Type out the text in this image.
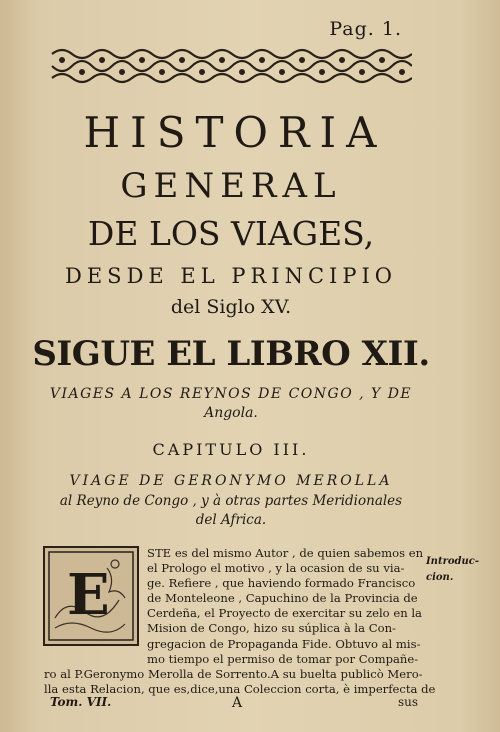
Pag. 1.
HISTORIA
GENERAL
DE LOS VIAGES,
DESDE EL PRINCIPIO
del Siglo XV.
SIGUE EL LIBRO XII.
VIAGES A LOS REYNOS DE CONGO , Y DE
Angola.
CAPITULO III.
VIAGE DE GERONYMO MEROLLA
al Reyno de Congo , y à otras partes Meridionales
del Africa.
E
STE es del mismo Autor , de quien sabemos en
el Prologo el motivo , y la ocasion de su via-
ge. Refiere , que haviendo formado Francisco
de Monteleone , Capuchino de la Provincia de
Cerdeña, el Proyecto de exercitar su zelo en la
Mision de Congo, hizo su súplica à la Con-
gregacion de Propaganda Fide. Obtuvo al mis-
mo tiempo el permiso de tomar por Compañe-
ro al P.Geronymo Merolla de Sorrento.A su buelta publicò Mero-
lla esta Relacion, que es,dice,una Coleccion corta, è imperfecta de
Introduc-
cion.
Tom. VII.	A	sus
